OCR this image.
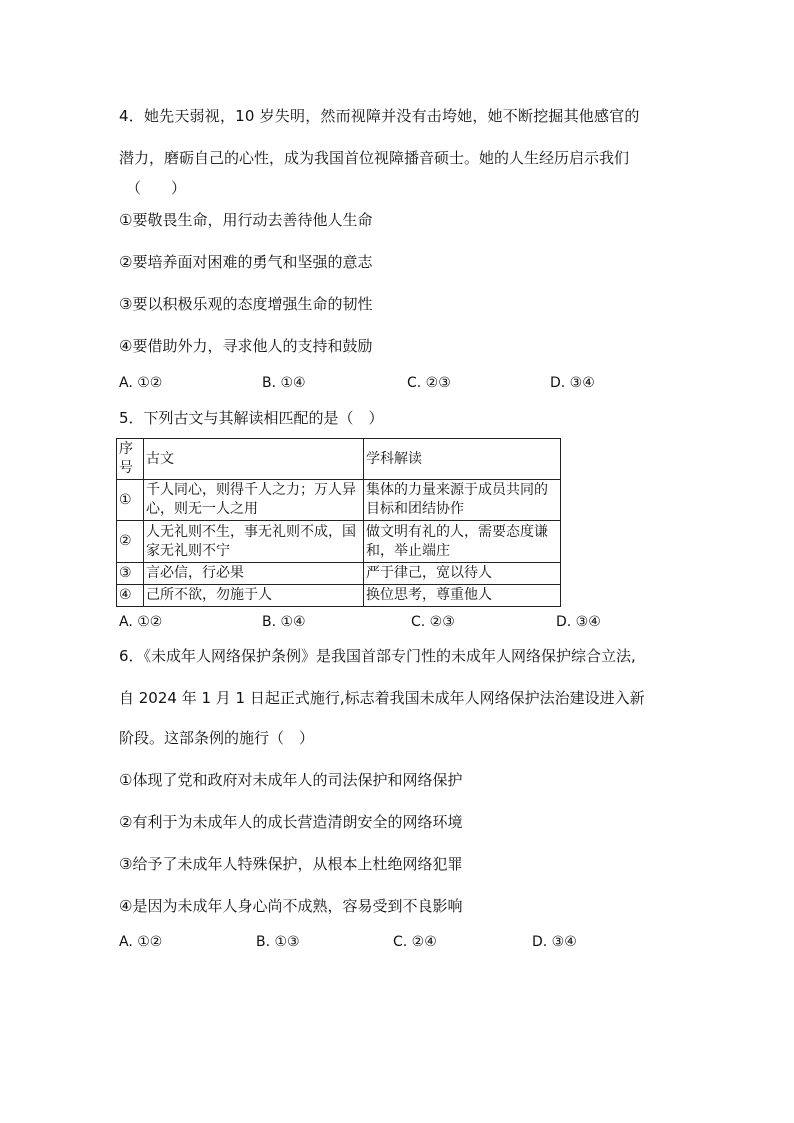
4．她先天弱视，10 岁失明，然而视障并没有击垮她，她不断挖掘其他感官的
潜力，磨砺自己的心性，成为我国首位视障播音硕士。她的人生经历启示我们
（　　）
①要敬畏生命，用行动去善待他人生命
②要培养面对困难的勇气和坚强的意志
③要以积极乐观的态度增强生命的韧性
④要借助外力，寻求他人的支持和鼓励
A. ①②	B. ①④	C. ②③	D. ③④
5．下列古文与其解读相匹配的是（　）
序号	古文	学科解读
①	千人同心，则得千人之力；万人异心，则无一人之用	集体的力量来源于成员共同的目标和团结协作
②	人无礼则不生，事无礼则不成，国家无礼则不宁	做文明有礼的人，需要态度谦和，举止端庄
③	言必信，行必果	严于律己，宽以待人
④	己所不欲，勿施于人	换位思考，尊重他人
A. ①②	B. ①④	C. ②③	D. ③④
6．《未成年人网络保护条例》是我国首部专门性的未成年人网络保护综合立法,
自 2024 年 1 月 1 日起正式施行,标志着我国未成年人网络保护法治建设进入新
阶段。这部条例的施行（　）
①体现了党和政府对未成年人的司法保护和网络保护
②有利于为未成年人的成长营造清朗安全的网络环境
③给予了未成年人特殊保护，从根本上杜绝网络犯罪
④是因为未成年人身心尚不成熟，容易受到不良影响
A. ①②	B. ①③	C. ②④	D. ③④
